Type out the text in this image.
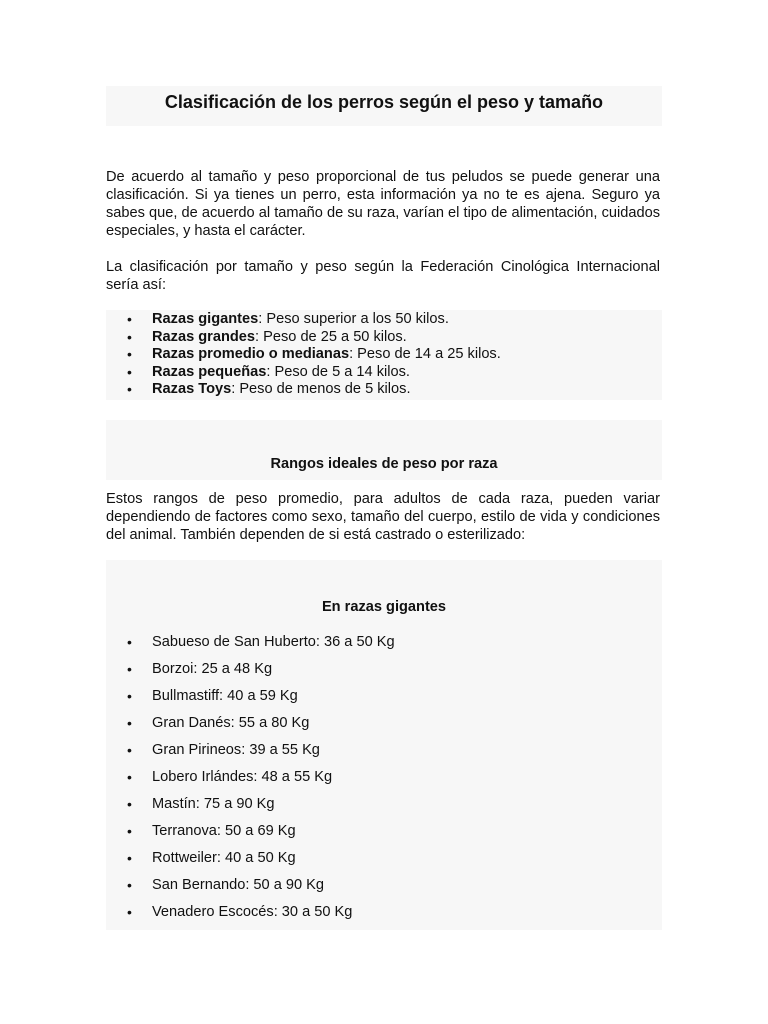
Clasificación de los perros según el peso y tamaño

De acuerdo al tamaño y peso proporcional de tus peludos se puede generar una clasificación. Si ya tienes un perro, esta información ya no te es ajena. Seguro ya sabes que, de acuerdo al tamaño de su raza, varían el tipo de alimentación, cuidados especiales, y hasta el carácter.

La clasificación por tamaño y peso según la Federación Cinológica Internacional sería así:

• Razas gigantes: Peso superior a los 50 kilos.
• Razas grandes: Peso de 25 a 50 kilos.
• Razas promedio o medianas: Peso de 14 a 25 kilos.
• Razas pequeñas: Peso de 5 a 14 kilos.
• Razas Toys: Peso de menos de 5 kilos.
Rangos ideales de peso por raza

Estos rangos de peso promedio, para adultos de cada raza, pueden variar dependiendo de factores como sexo, tamaño del cuerpo, estilo de vida y condiciones del animal. También dependen de si está castrado o esterilizado:

En razas gigantes
• Sabueso de San Huberto: 36 a 50 Kg
• Borzoi: 25 a 48 Kg
• Bullmastiff: 40 a 59 Kg
• Gran Danés: 55 a 80 Kg
• Gran Pirineos: 39 a 55 Kg
• Lobero Irlándes: 48 a 55 Kg
• Mastín: 75 a 90 Kg
• Terranova: 50 a 69 Kg
• Rottweiler: 40 a 50 Kg
• San Bernando: 50 a 90 Kg
• Venadero Escocés: 30 a 50 Kg
